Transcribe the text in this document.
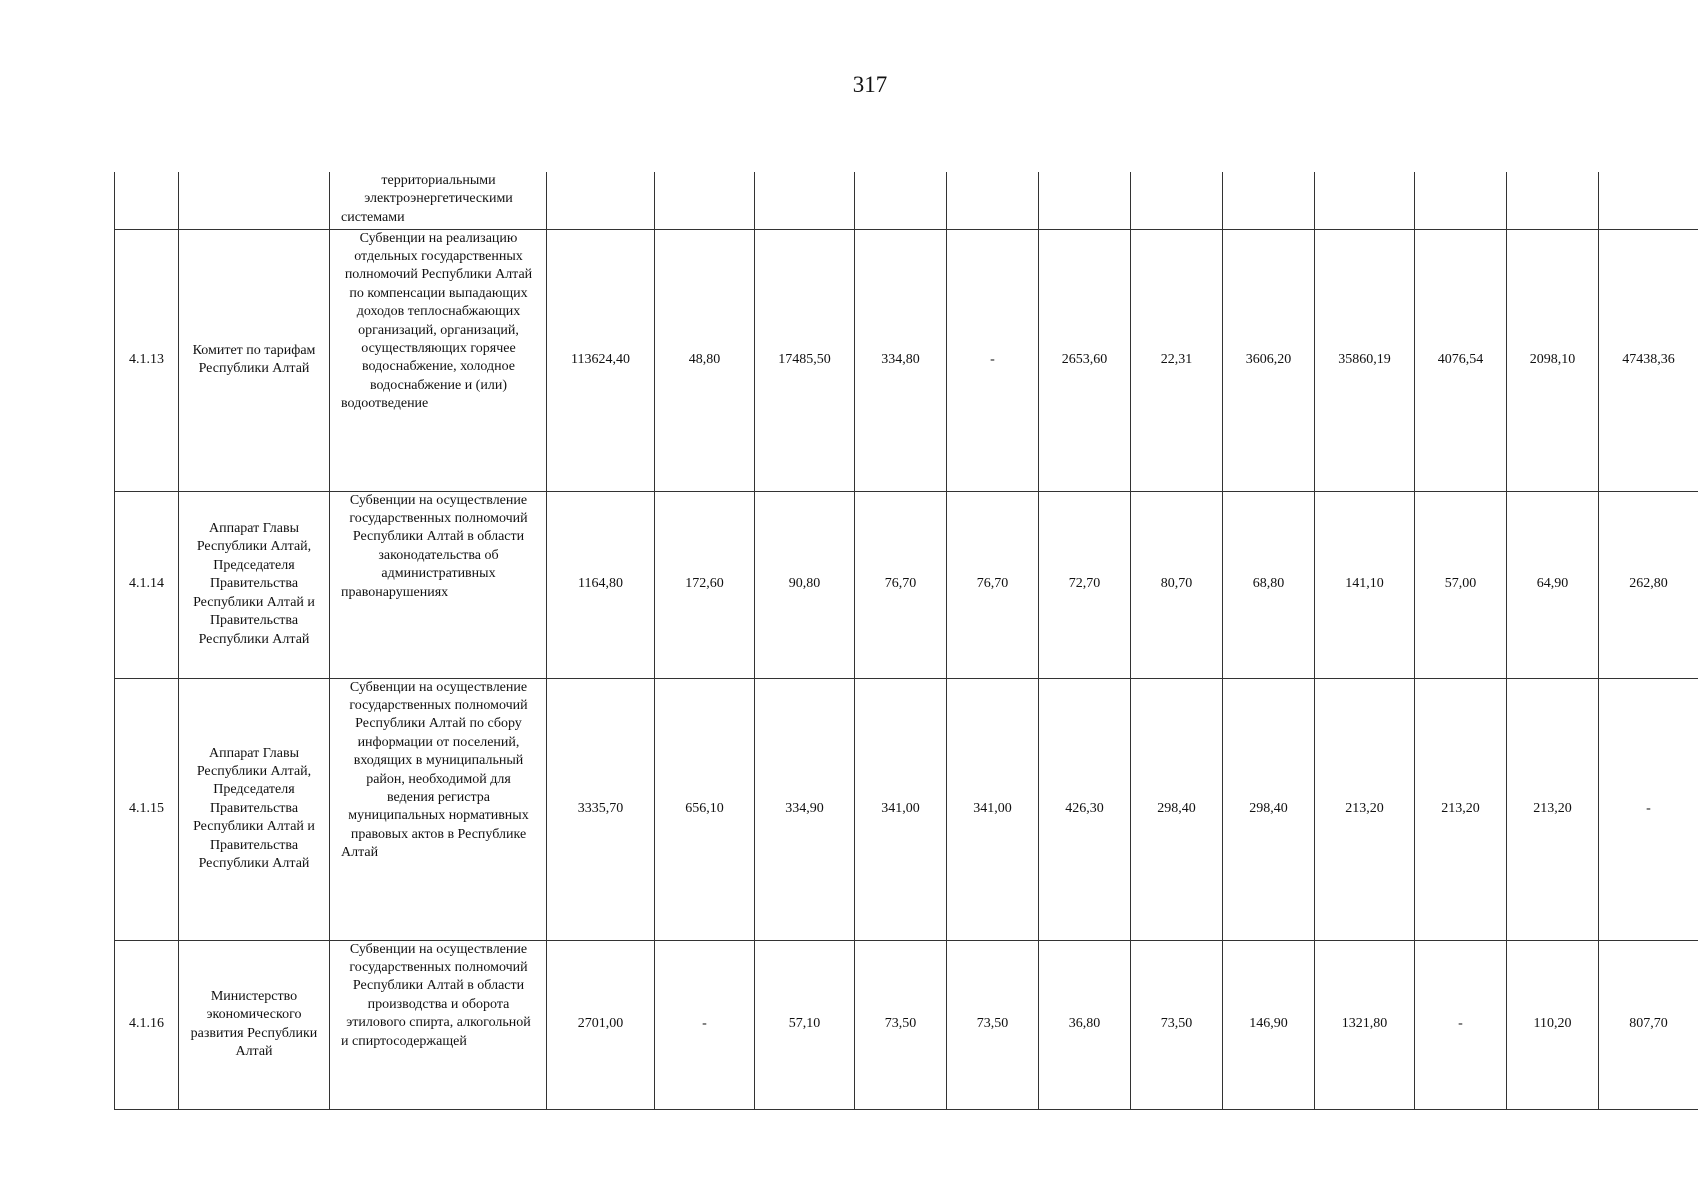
317
		территориальными электроэнергетическими системами												
4.1.13	Комитет по тарифам Республики Алтай	Субвенции на реализацию отдельных государственных полномочий Республики Алтай по компенсации выпадающих доходов теплоснабжающих организаций, организаций, осуществляющих горячее водоснабжение, холодное водоснабжение и (или) водоотведение	113624,40	48,80	17485,50	334,80	-	2653,60	22,31	3606,20	35860,19	4076,54	2098,10	47438,36
4.1.14	Аппарат Главы Республики Алтай, Председателя Правительства Республики Алтай и Правительства Республики Алтай	Субвенции на осуществление государственных полномочий Республики Алтай в области законодательства об административных правонарушениях	1164,80	172,60	90,80	76,70	76,70	72,70	80,70	68,80	141,10	57,00	64,90	262,80
4.1.15	Аппарат Главы Республики Алтай, Председателя Правительства Республики Алтай и Правительства Республики Алтай	Субвенции на осуществление государственных полномочий Республики Алтай по сбору информации от поселений, входящих в муниципальный район, необходимой для ведения регистра муниципальных нормативных правовых актов в Республике Алтай	3335,70	656,10	334,90	341,00	341,00	426,30	298,40	298,40	213,20	213,20	213,20	-
4.1.16	Министерство экономического развития Республики Алтай	Субвенции на осуществление государственных полномочий Республики Алтай в области производства и оборота этилового спирта, алкогольной и спиртосодержащей	2701,00	-	57,10	73,50	73,50	36,80	73,50	146,90	1321,80	-	110,20	807,70
